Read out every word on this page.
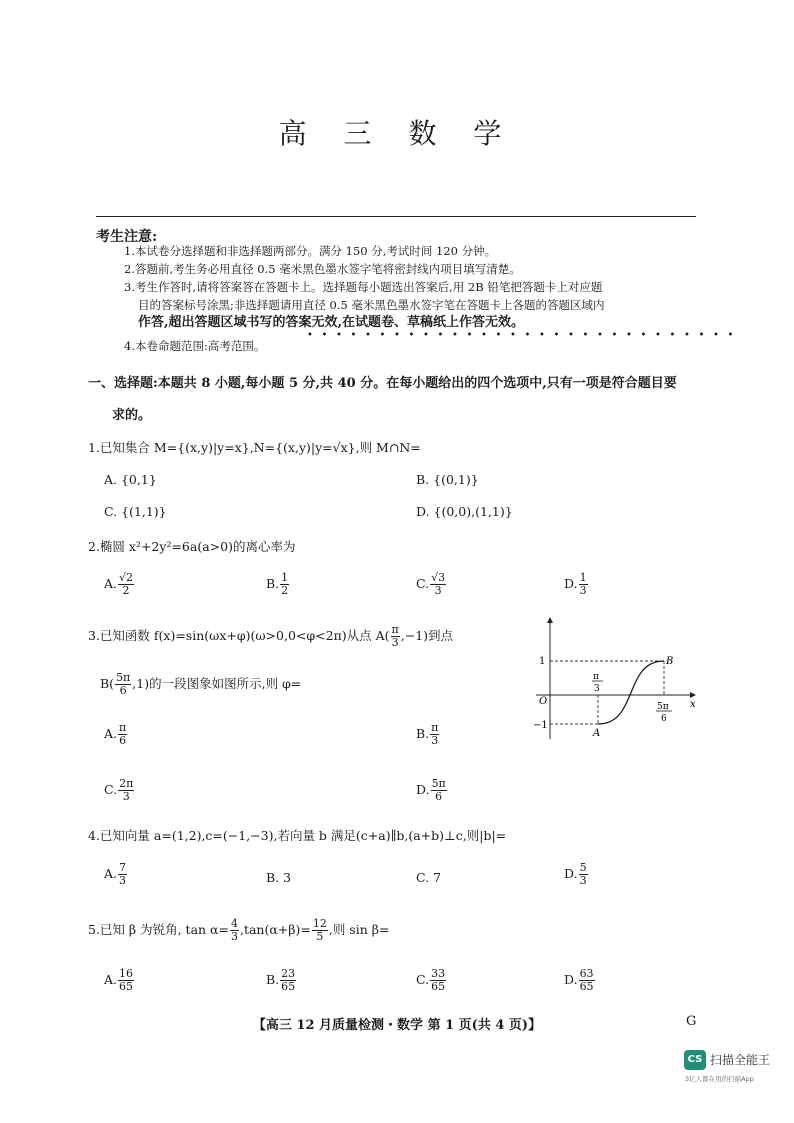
高 三 数 学
考生注意:
1.本试卷分选择题和非选择题两部分。满分 150 分,考试时间 120 分钟。
2.答题前,考生务必用直径 0.5 毫米黑色墨水签字笔将密封线内项目填写清楚。
3.考生作答时,请将答案答在答题卡上。选择题每小题选出答案后,用 2B 铅笔把答题卡上对应题
目的答案标号涂黑;非选择题请用直径 0.5 毫米黑色墨水签字笔在答题卡上各题的答题区域内
作答,超出答题区域书写的答案无效,在试题卷、草稿纸上作答无效。
••••••••••••••••••••••••••••••
4.本卷命题范围:高考范围。
一、选择题:本题共 8 小题,每小题 5 分,共 40 分。在每小题给出的四个选项中,只有一项是符合题目要
求的。
1.已知集合 M={(x,y)|y=x},N={(x,y)|y=√x},则 M∩N=
A. {0,1}	B. {(0,1)}
C. {(1,1)}	D. {(0,0),(1,1)}
2.椭圆 x²+2y²=6a(a>0)的离心率为
A. $\frac{√2}{2}$	B. $\frac{1}{2}$	C. $\frac{√3}{3}$	D. $\frac{1}{3}$
3.已知函数 f(x)=sin(ωx+φ)(ω>0,0<φ<2π)从点 $A( \frac{\pi}{3} ,-1)$到点
$B( \frac{5\pi}{6} ,1)$的一段图象如图所示,则 φ=
A. $\frac{\pi}{6}$	B. $\frac{\pi}{3}$
C. $\frac{2\pi}{3}$	D. $\frac{5\pi}{6}$
1
−1
O	x
π
3
5π
6
A
B
4.已知向量 a=(1,2),c=(−1,−3),若向量 b 满足(c+a)∥b,(a+b)⊥c,则|b|=
A. $\frac{7}{3}$	B. 3	C. 7	D. $\frac{5}{3}$
5.已知 β 为锐角, $\tan \alpha= \frac{4}{3} ,\tan(\alpha+\beta)= \frac{12}{5}$ ,则 sin β=
A. $\frac{16}{65}$	B. $\frac{23}{65}$	C. $\frac{33}{65}$	D. $\frac{63}{65}$
【高三 12 月质量检测・数学 第 1 页(共 4 页)】	G
CS 扫描全能王
3亿人都在用的扫描App
